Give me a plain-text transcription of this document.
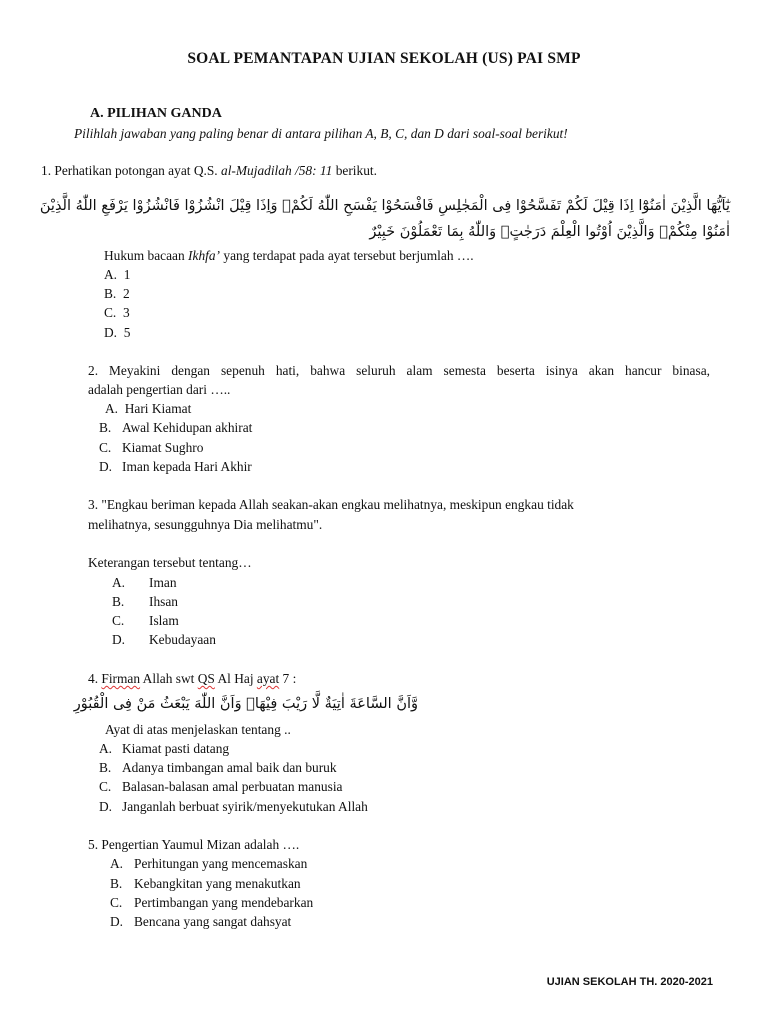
SOAL PEMANTAPAN UJIAN SEKOLAH (US) PAI SMP
A. PILIHAN GANDA
Pilihlah jawaban yang paling benar di antara pilihan A, B, C, dan D dari soal-soal berikut!
1. Perhatikan potongan ayat Q.S. al-Mujadilah /58: 11 berikut.
يٰٓاَيُّهَا الَّذِيْنَ اٰمَنُوْٓا اِذَا قِيْلَ لَكُمْ تَفَسَّحُوْا فِى الْمَجٰلِسِ فَافْسَحُوْا يَفْسَحِ اللّٰهُ لَكُمْۚ وَاِذَا قِيْلَ انْشُزُوْا فَانْشُزُوْا يَرْفَعِ اللّٰهُ الَّذِيْنَ
اٰمَنُوْا مِنْكُمْۙ وَالَّذِيْنَ اُوْتُوا الْعِلْمَ دَرَجٰتٍۗ وَاللّٰهُ بِمَا تَعْمَلُوْنَ خَبِيْرٌ
Hukum bacaan Ikhfa’ yang terdapat pada ayat tersebut berjumlah ….
A. 1
B. 2
C. 3
D. 5
2. Meyakini dengan sepenuh hati, bahwa seluruh alam semesta beserta isinya akan hancur binasa,
adalah pengertian dari …..
A. Hari Kiamat
B. Awal Kehidupan akhirat
C. Kiamat Sughro
D. Iman kepada Hari Akhir
3. "Engkau beriman kepada Allah seakan-akan engkau melihatnya, meskipun engkau tidak
melihatnya, sesungguhnya Dia melihatmu".
Keterangan tersebut tentang…
A. Iman
B. Ihsan
C. Islam
D. Kebudayaan
4. Firman Allah swt QS Al Haj ayat 7 :
وَّاَنَّ السَّاعَةَ اٰتِيَةٌ لَّا رَيْبَ فِيْهَاۙ وَاَنَّ اللّٰهَ يَبْعَثُ مَنْ فِى الْقُبُوْرِ
Ayat di atas menjelaskan tentang ..
A. Kiamat pasti datang
B. Adanya timbangan amal baik dan buruk
C. Balasan-balasan amal perbuatan manusia
D. Janganlah berbuat syirik/menyekutukan Allah
5. Pengertian Yaumul Mizan adalah ….
A. Perhitungan yang mencemaskan
B. Kebangkitan yang menakutkan
C. Pertimbangan yang mendebarkan
D. Bencana yang sangat dahsyat
UJIAN SEKOLAH TH. 2020-2021
